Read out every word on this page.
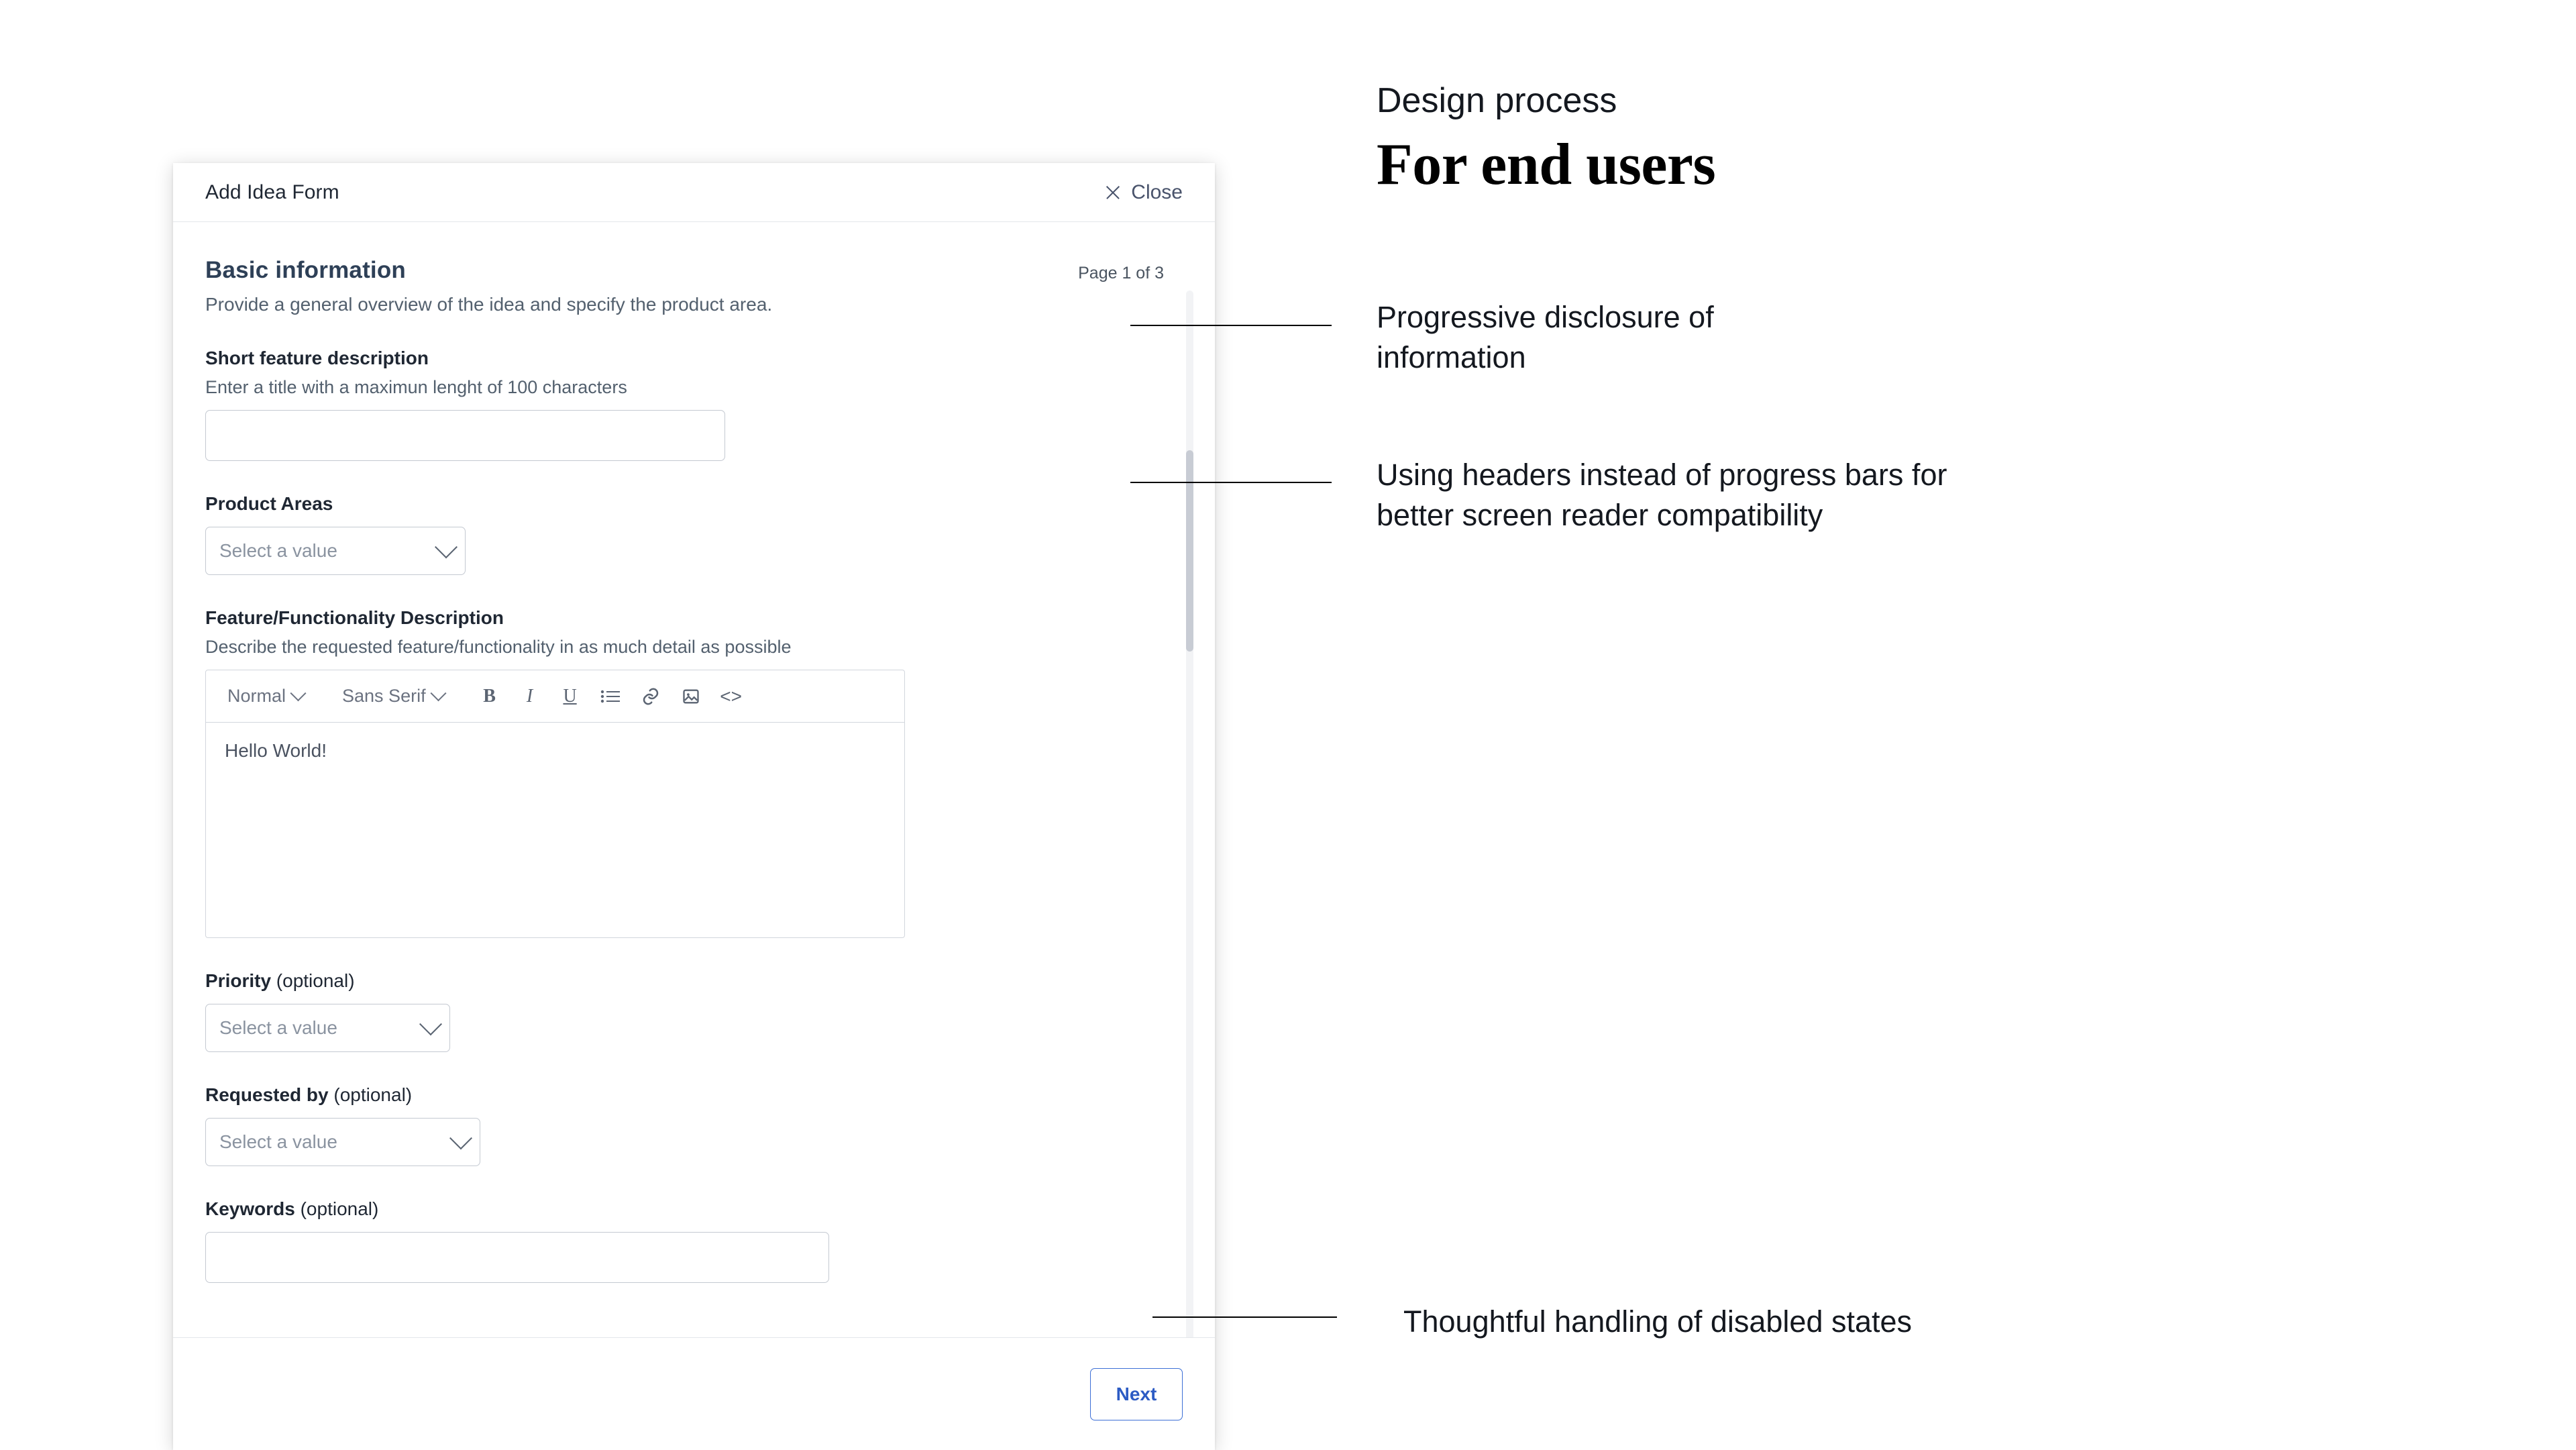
Add Idea Form	Close
Basic information
Provide a general overview of the idea and specify the product area.
Page 1 of 3
Short feature description
Enter a title with a maximun lenght of 100 characters
Product Areas
Select a value
Feature/Functionality Description
Describe the requested feature/functionality in as much detail as possible
Normal	Sans Serif	B	I	U	<>
Hello World!
Priority (optional)
Select a value
Requested by (optional)
Select a value
Keywords (optional)
Next
Design process
For end users
Progressive disclosure of information
Using headers instead of progress bars for better screen reader compatibility
Thoughtful handling of disabled states
